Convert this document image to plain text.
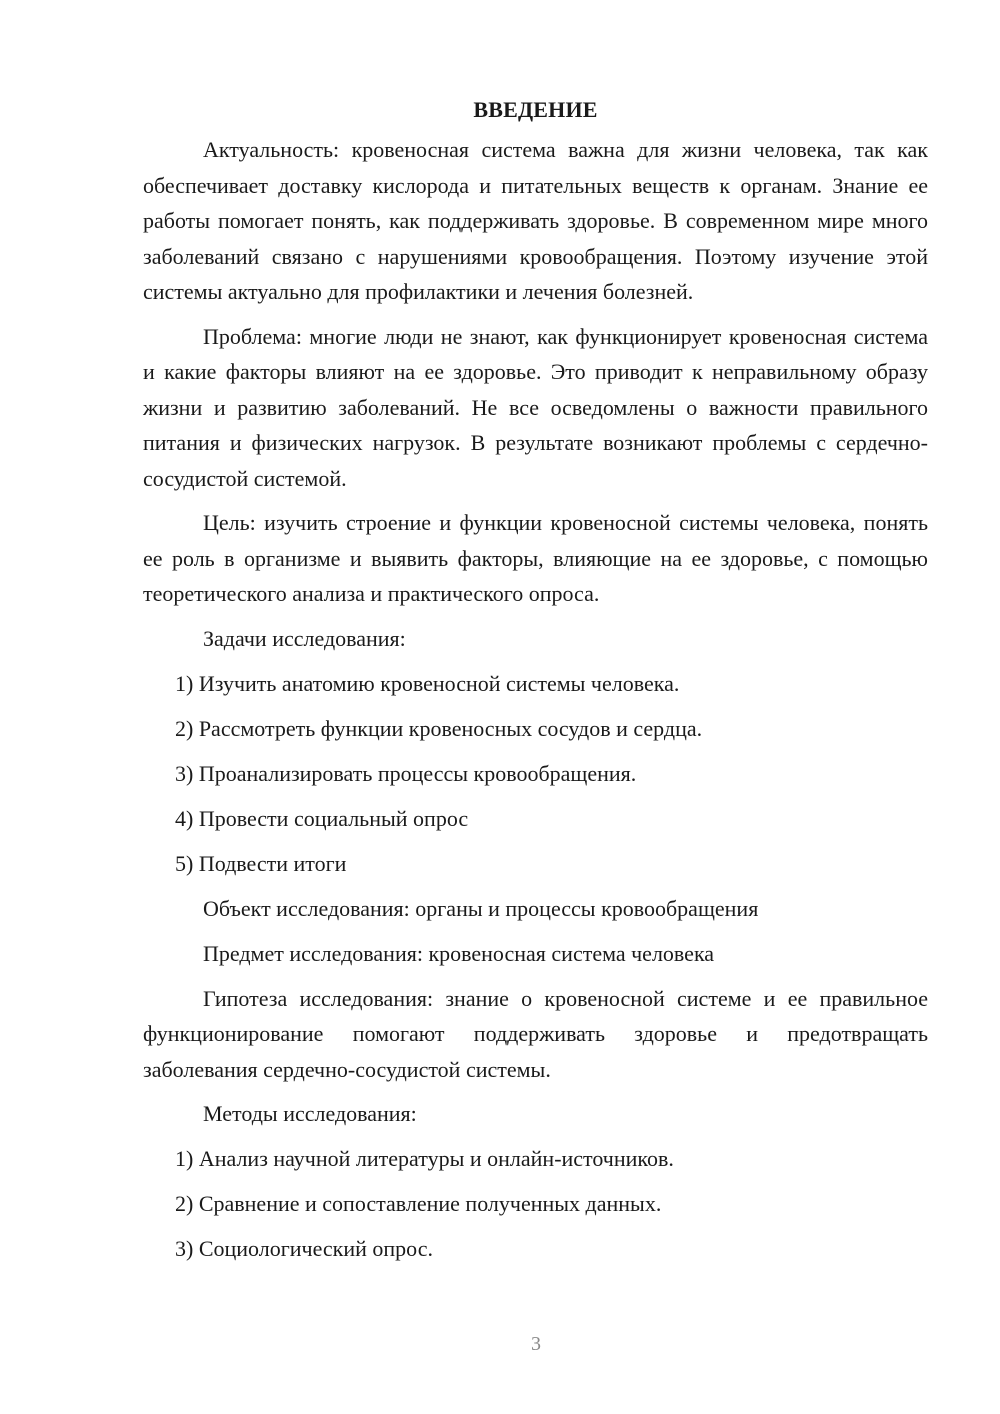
ВВЕДЕНИЕ

Актуальность: кровеносная система важна для жизни человека, так как обеспечивает доставку кислорода и питательных веществ к органам. Знание ее работы помогает понять, как поддерживать здоровье. В современном мире много заболеваний связано с нарушениями кровообращения. Поэтому изучение этой системы актуально для профилактики и лечения болезней.

Проблема: многие люди не знают, как функционирует кровеносная система и какие факторы влияют на ее здоровье. Это приводит к неправильному образу жизни и развитию заболеваний. Не все осведомлены о важности правильного питания и физических нагрузок. В результате возникают проблемы с сердечно-сосудистой системой.

Цель: изучить строение и функции кровеносной системы человека, понять ее роль в организме и выявить факторы, влияющие на ее здоровье, с помощью теоретического анализа и практического опроса.

Задачи исследования:
1) Изучить анатомию кровеносной системы человека.
2) Рассмотреть функции кровеносных сосудов и сердца.
3) Проанализировать процессы кровообращения.
4) Провести социальный опрос
5) Подвести итоги
Объект исследования: органы и процессы кровообращения
Предмет исследования: кровеносная система человека

Гипотеза исследования: знание о кровеносной системе и ее правильное функционирование помогают поддерживать здоровье и предотвращать заболевания сердечно-сосудистой системы.

Методы исследования:
1) Анализ научной литературы и онлайн-источников.
2) Сравнение и сопоставление полученных данных.
3) Социологический опрос.
3
